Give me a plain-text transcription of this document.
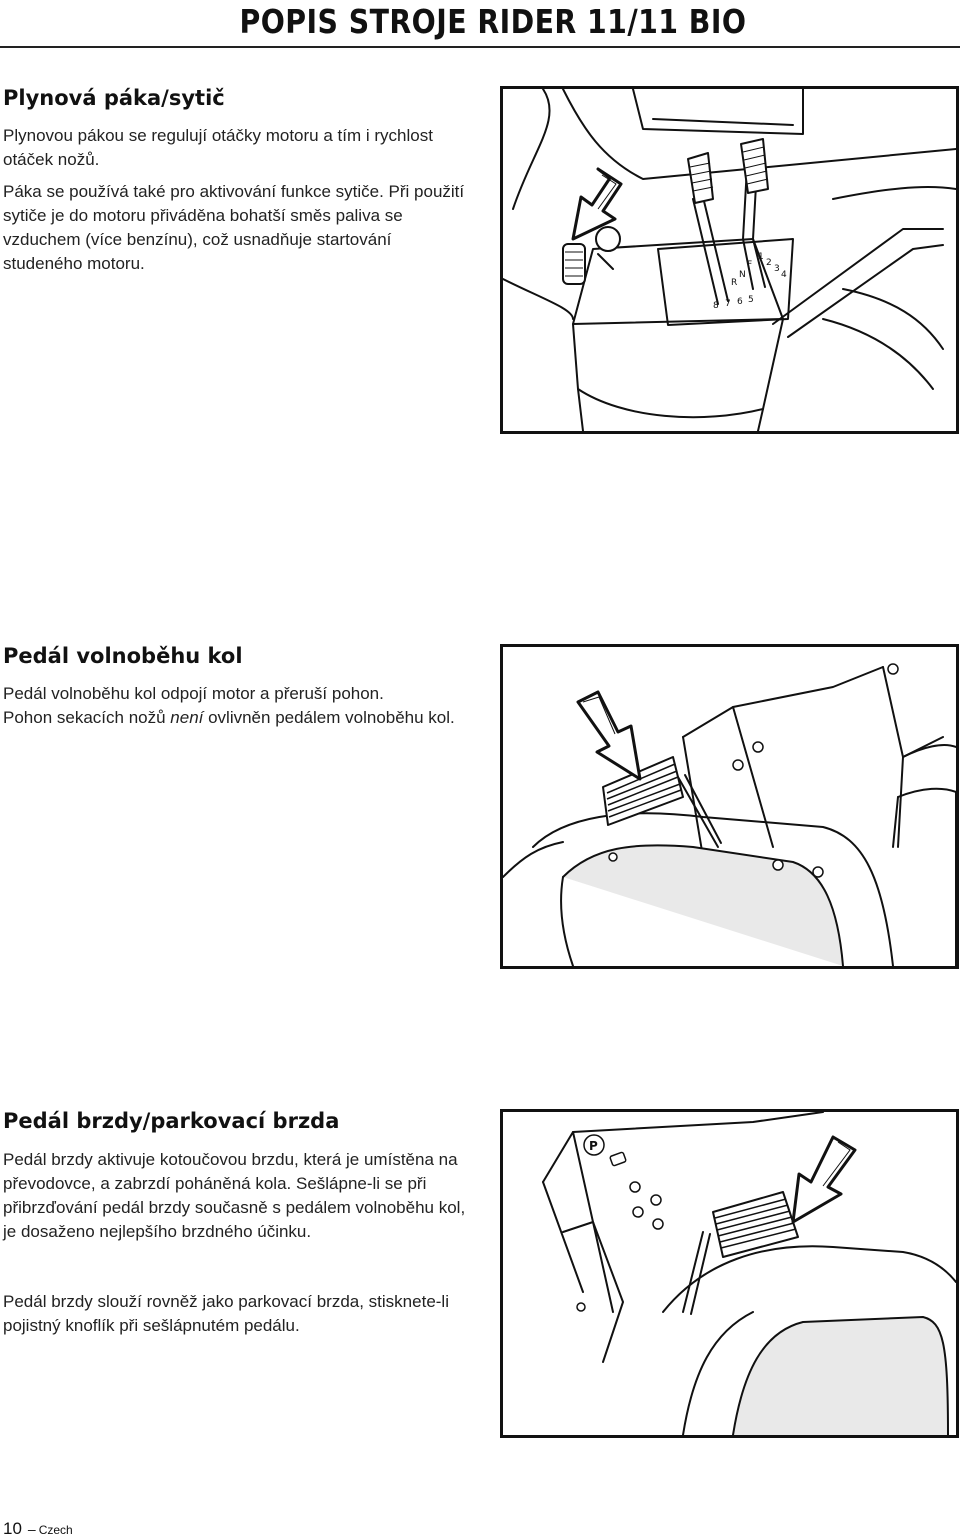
POPIS STROJE RIDER 11/11 BIO
Plynová páka/sytič
Plynovou pákou se regulují otáčky motoru a tím i rychlost otáček nožů.
Páka se používá také pro aktivování funkce sytiče. Při použití sytiče je do motoru přiváděna bohatší směs paliva se vzduchem (více benzínu), což usnadňuje startování studeného motoru.	1
2
3
4
5
6
7
8
F
N
R
Pedál volnoběhu kol
Pedál volnoběhu kol odpojí motor a přeruší pohon.
Pohon sekacích nožů není ovlivněn pedálem volnoběhu kol.
Pedál brzdy/parkovací brzda
Pedál brzdy aktivuje kotoučovou brzdu, která je umístěna na převodovce, a zabrzdí poháněná kola. Sešlápne-li se při přibrzďování pedál brzdy současně s pedálem volnoběhu kol, je dosaženo nejlepšího brzdného účinku.
Pedál brzdy slouží rovněž jako parkovací brzda, stisknete-li pojistný knoflík při sešlápnutém pedálu.
P
10 – Czech
